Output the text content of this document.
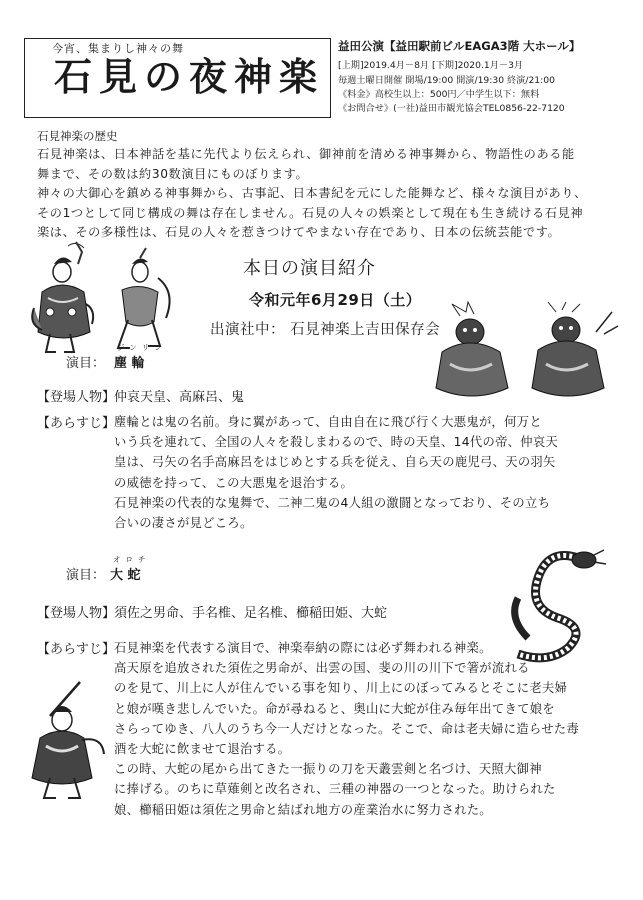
今宵、集まりし神々の舞
石見の夜神楽
益田公演【益田駅前ビルEAGA3階 大ホール】
[上期]2019.4月－8月 [下期]2020.1月－3月
毎週土曜日開催 開場/19:00 開演/19:30 終演/21:00
《料金》高校生以上：500円／中学生以下：無料
《お問合せ》(一社)益田市観光協会TEL0856-22-7120
石見神楽の歴史
石見神楽は、日本神話を基に先代より伝えられ、御神前を清める神事舞から、物語性のある能
舞まで、その数は約30数演目にものぼります。
神々の大御心を鎮める神事舞から、古事記、日本書紀を元にした能舞など、様々な演目があり、
その1つとして同じ構成の舞は存在しません。石見の人々の娯楽として現在も生き続ける石見神
楽は、その多様性は、石見の人々を惹きつけてやまない存在であり、日本の伝統芸能です。
本日の演目紹介
令和元年6月29日（土）
出演社中： 石見神楽上吉田保存会
演目：
ジンリン
塵 輪
【登場人物】
仲哀天皇、高麻呂、鬼
【あらすじ】
塵輪とは鬼の名前。身に翼があって、自由自在に飛び行く大悪鬼が，何万と
いう兵を連れて、全国の人々を殺しまわるので、時の天皇、14代の帝、仲哀天
皇は、弓矢の名手高麻呂をはじめとする兵を従え、自ら天の鹿児弓、天の羽矢
の威徳を持って、この大悪鬼を退治する。
石見神楽の代表的な鬼舞で、二神二鬼の4人組の激闘となっており、その立ち
合いの凄さが見どころ。
演目：
オロチ
大 蛇
【登場人物】
須佐之男命、手名椎、足名椎、櫛稲田姫、大蛇
【あらすじ】
石見神楽を代表する演目で、神楽奉納の際には必ず舞われる神楽。
高天原を追放された須佐之男命が、出雲の国、斐の川の川下で箸が流れる
のを見て、川上に人が住んでいる事を知り、川上にのぼってみるとそこに老夫婦
と娘が嘆き悲しんでいた。命が尋ねると、奥山に大蛇が住み毎年出てきて娘を
さらってゆき、八人のうち今一人だけとなった。そこで、命は老夫婦に造らせた毒
酒を大蛇に飲ませて退治する。
この時、大蛇の尾から出てきた一振りの刀を天叢雲剣と名づけ、天照大御神
に捧げる。のちに草薙剣と改名され、三種の神器の一つとなった。助けられた
娘、櫛稲田姫は須佐之男命と結ばれ地方の産業治水に努力された。
